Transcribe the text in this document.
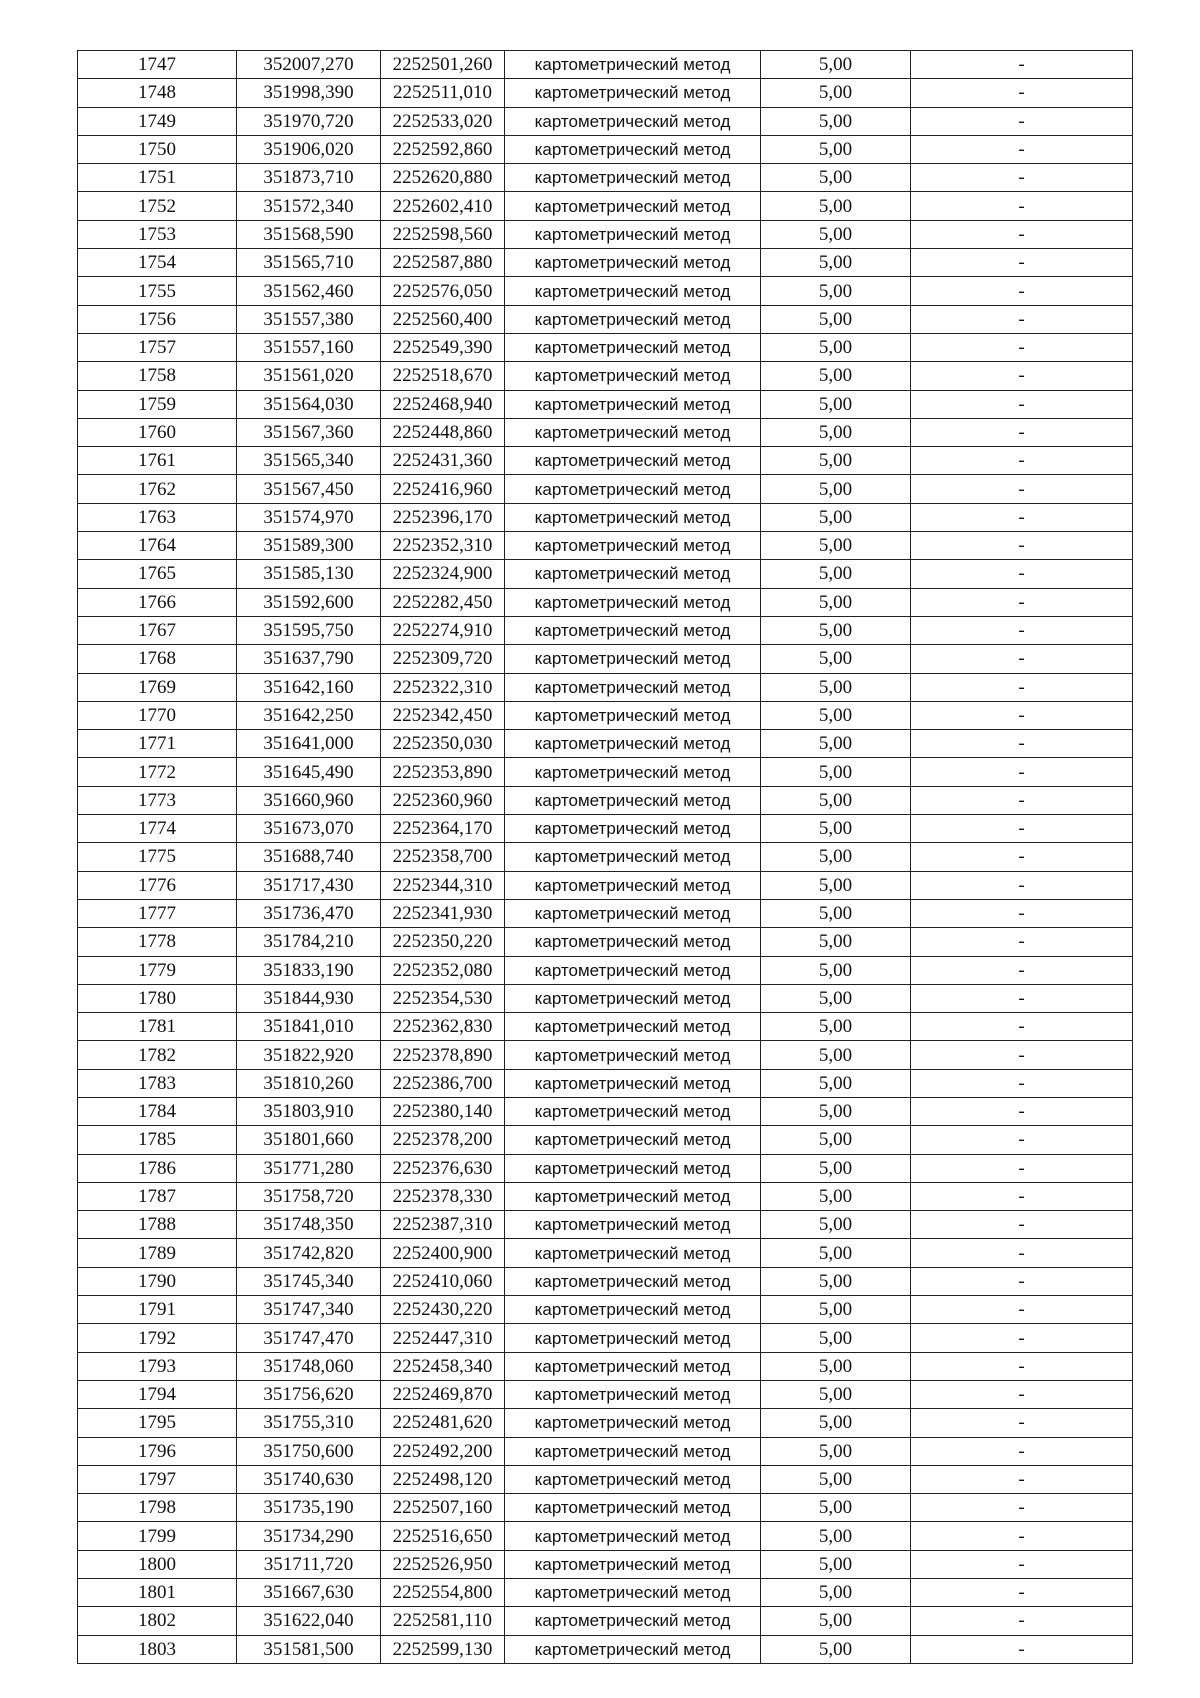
1747	352007,270	2252501,260	картометрический метод	5,00	-
1748	351998,390	2252511,010	картометрический метод	5,00	-
1749	351970,720	2252533,020	картометрический метод	5,00	-
1750	351906,020	2252592,860	картометрический метод	5,00	-
1751	351873,710	2252620,880	картометрический метод	5,00	-
1752	351572,340	2252602,410	картометрический метод	5,00	-
1753	351568,590	2252598,560	картометрический метод	5,00	-
1754	351565,710	2252587,880	картометрический метод	5,00	-
1755	351562,460	2252576,050	картометрический метод	5,00	-
1756	351557,380	2252560,400	картометрический метод	5,00	-
1757	351557,160	2252549,390	картометрический метод	5,00	-
1758	351561,020	2252518,670	картометрический метод	5,00	-
1759	351564,030	2252468,940	картометрический метод	5,00	-
1760	351567,360	2252448,860	картометрический метод	5,00	-
1761	351565,340	2252431,360	картометрический метод	5,00	-
1762	351567,450	2252416,960	картометрический метод	5,00	-
1763	351574,970	2252396,170	картометрический метод	5,00	-
1764	351589,300	2252352,310	картометрический метод	5,00	-
1765	351585,130	2252324,900	картометрический метод	5,00	-
1766	351592,600	2252282,450	картометрический метод	5,00	-
1767	351595,750	2252274,910	картометрический метод	5,00	-
1768	351637,790	2252309,720	картометрический метод	5,00	-
1769	351642,160	2252322,310	картометрический метод	5,00	-
1770	351642,250	2252342,450	картометрический метод	5,00	-
1771	351641,000	2252350,030	картометрический метод	5,00	-
1772	351645,490	2252353,890	картометрический метод	5,00	-
1773	351660,960	2252360,960	картометрический метод	5,00	-
1774	351673,070	2252364,170	картометрический метод	5,00	-
1775	351688,740	2252358,700	картометрический метод	5,00	-
1776	351717,430	2252344,310	картометрический метод	5,00	-
1777	351736,470	2252341,930	картометрический метод	5,00	-
1778	351784,210	2252350,220	картометрический метод	5,00	-
1779	351833,190	2252352,080	картометрический метод	5,00	-
1780	351844,930	2252354,530	картометрический метод	5,00	-
1781	351841,010	2252362,830	картометрический метод	5,00	-
1782	351822,920	2252378,890	картометрический метод	5,00	-
1783	351810,260	2252386,700	картометрический метод	5,00	-
1784	351803,910	2252380,140	картометрический метод	5,00	-
1785	351801,660	2252378,200	картометрический метод	5,00	-
1786	351771,280	2252376,630	картометрический метод	5,00	-
1787	351758,720	2252378,330	картометрический метод	5,00	-
1788	351748,350	2252387,310	картометрический метод	5,00	-
1789	351742,820	2252400,900	картометрический метод	5,00	-
1790	351745,340	2252410,060	картометрический метод	5,00	-
1791	351747,340	2252430,220	картометрический метод	5,00	-
1792	351747,470	2252447,310	картометрический метод	5,00	-
1793	351748,060	2252458,340	картометрический метод	5,00	-
1794	351756,620	2252469,870	картометрический метод	5,00	-
1795	351755,310	2252481,620	картометрический метод	5,00	-
1796	351750,600	2252492,200	картометрический метод	5,00	-
1797	351740,630	2252498,120	картометрический метод	5,00	-
1798	351735,190	2252507,160	картометрический метод	5,00	-
1799	351734,290	2252516,650	картометрический метод	5,00	-
1800	351711,720	2252526,950	картометрический метод	5,00	-
1801	351667,630	2252554,800	картометрический метод	5,00	-
1802	351622,040	2252581,110	картометрический метод	5,00	-
1803	351581,500	2252599,130	картометрический метод	5,00	-
